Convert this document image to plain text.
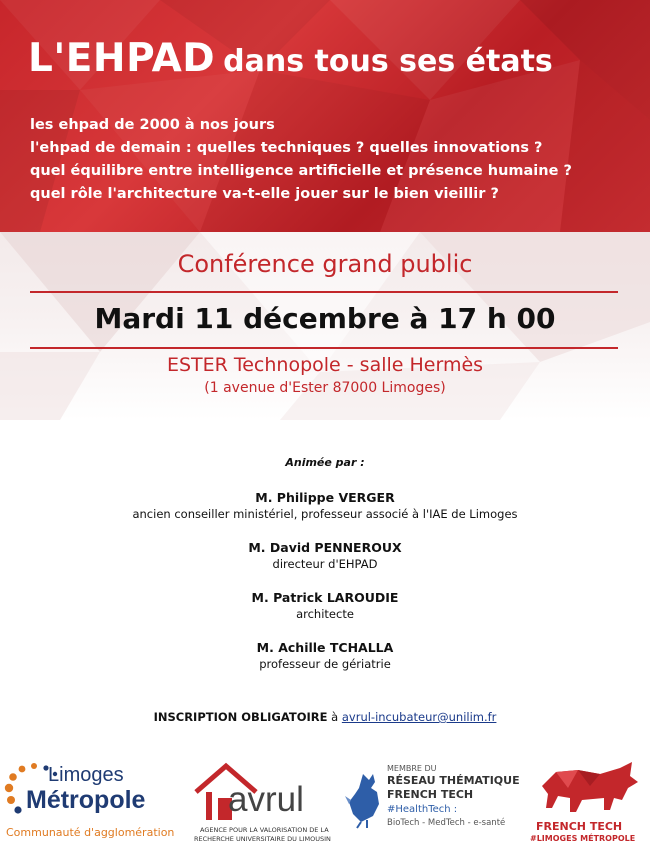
L'EHPAD dans tous ses états
les ehpad de 2000 à nos jours
l'ehpad de demain : quelles techniques ? quelles innovations ?
quel équilibre entre intelligence artificielle et présence humaine ?
quel rôle l'architecture va-t-elle jouer sur le bien vieillir ?
Conférence grand public
Mardi 11 décembre à 17 h 00
ESTER Technopole - salle Hermès
(1 avenue d'Ester 87000 Limoges)
Animée par :
M. Philippe VERGER
ancien conseiller ministériel, professeur associé à l'IAE de Limoges
M. David PENNEROUX
directeur d'EHPAD
M. Patrick LAROUDIE
architecte
M. Achille TCHALLA
professeur de gériatrie
INSCRIPTION OBLIGATOIRE à avrul-incubateur@unilim.fr
Limoges
Métropole
Communauté d'agglomération
avrul
AGENCE POUR LA VALORISATION DE LA
RECHERCHE UNIVERSITAIRE DU LIMOUSIN
MEMBRE DU
RÉSEAU THÉMATIQUE
FRENCH TECH
#HealthTech :
BioTech - MedTech - e-santé	FRENCH TECH
#LIMOGES MÉTROPOLE
